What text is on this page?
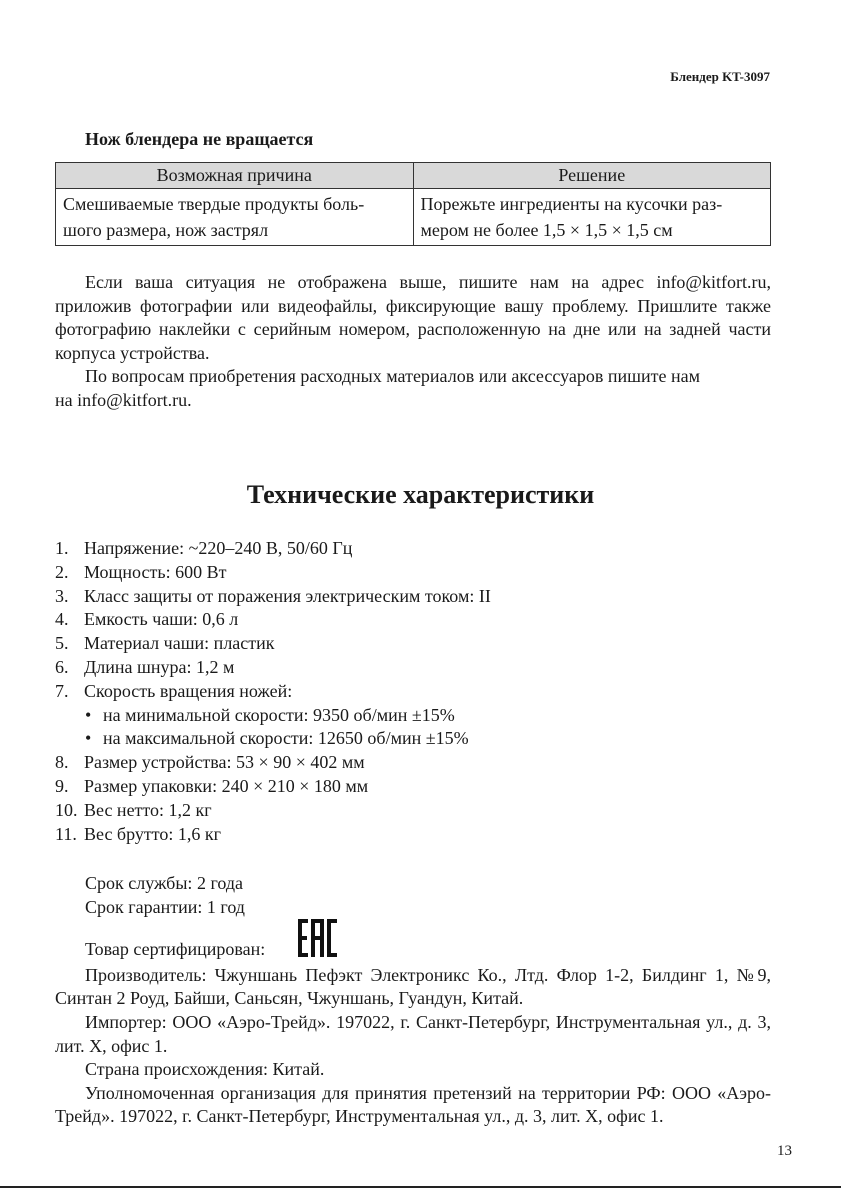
Блендер KT-3097
Нож блендера не вращается
Возможная причина	Решение
Смешиваемые твердые продукты боль- шого размера, нож застрял	Порежьте ингредиенты на кусочки раз- мером не более 1,5 × 1,5 × 1,5 см

Если ваша ситуация не отображена выше, пишите нам на адрес info@kitfort.ru, приложив фотографии или видеофайлы, фиксирующие вашу проблему. Пришлите также фотографию наклейки с серийным номером, расположенную на дне или на задней части корпуса устройства.

По вопросам приобретения расходных материалов или аксессуаров пишите нам

на info@kitfort.ru.

Технические характеристики
1. Напряжение: ~220–240 В, 50/60 Гц
2. Мощность: 600 Вт
3. Класс защиты от поражения электрическим током: II
4. Емкость чаши: 0,6 л
5. Материал чаши: пластик
6. Длина шнура: 1,2 м
7. Скорость вращения ножей:
• на минимальной скорости: 9350 об/мин ±15%
• на максимальной скорости: 12650 об/мин ±15%
8. Размер устройства: 53 × 90 × 402 мм
9. Размер упаковки: 240 × 210 × 180 мм
10. Вес нетто: 1,2 кг
11. Вес брутто: 1,6 кг

Срок службы: 2 года

Срок гарантии: 1 год

Товар сертифицирован:

Производитель: Чжуншань Пефэкт Электроникс Ко., Лтд. Флор 1-2, Билдинг 1, №9, Синтан 2 Роуд, Байши, Саньсян, Чжуншань, Гуандун, Китай.

Импортер: ООО «Аэро-Трейд». 197022, г. Санкт-Петербург, Инструментальная ул., д. 3, лит. Х, офис 1.

Страна происхождения: Китай.

Уполномоченная организация для принятия претензий на территории РФ: ООО «Аэро-Трейд». 197022, г. Санкт-Петербург, Инструментальная ул., д. 3, лит. Х, офис 1.

13
